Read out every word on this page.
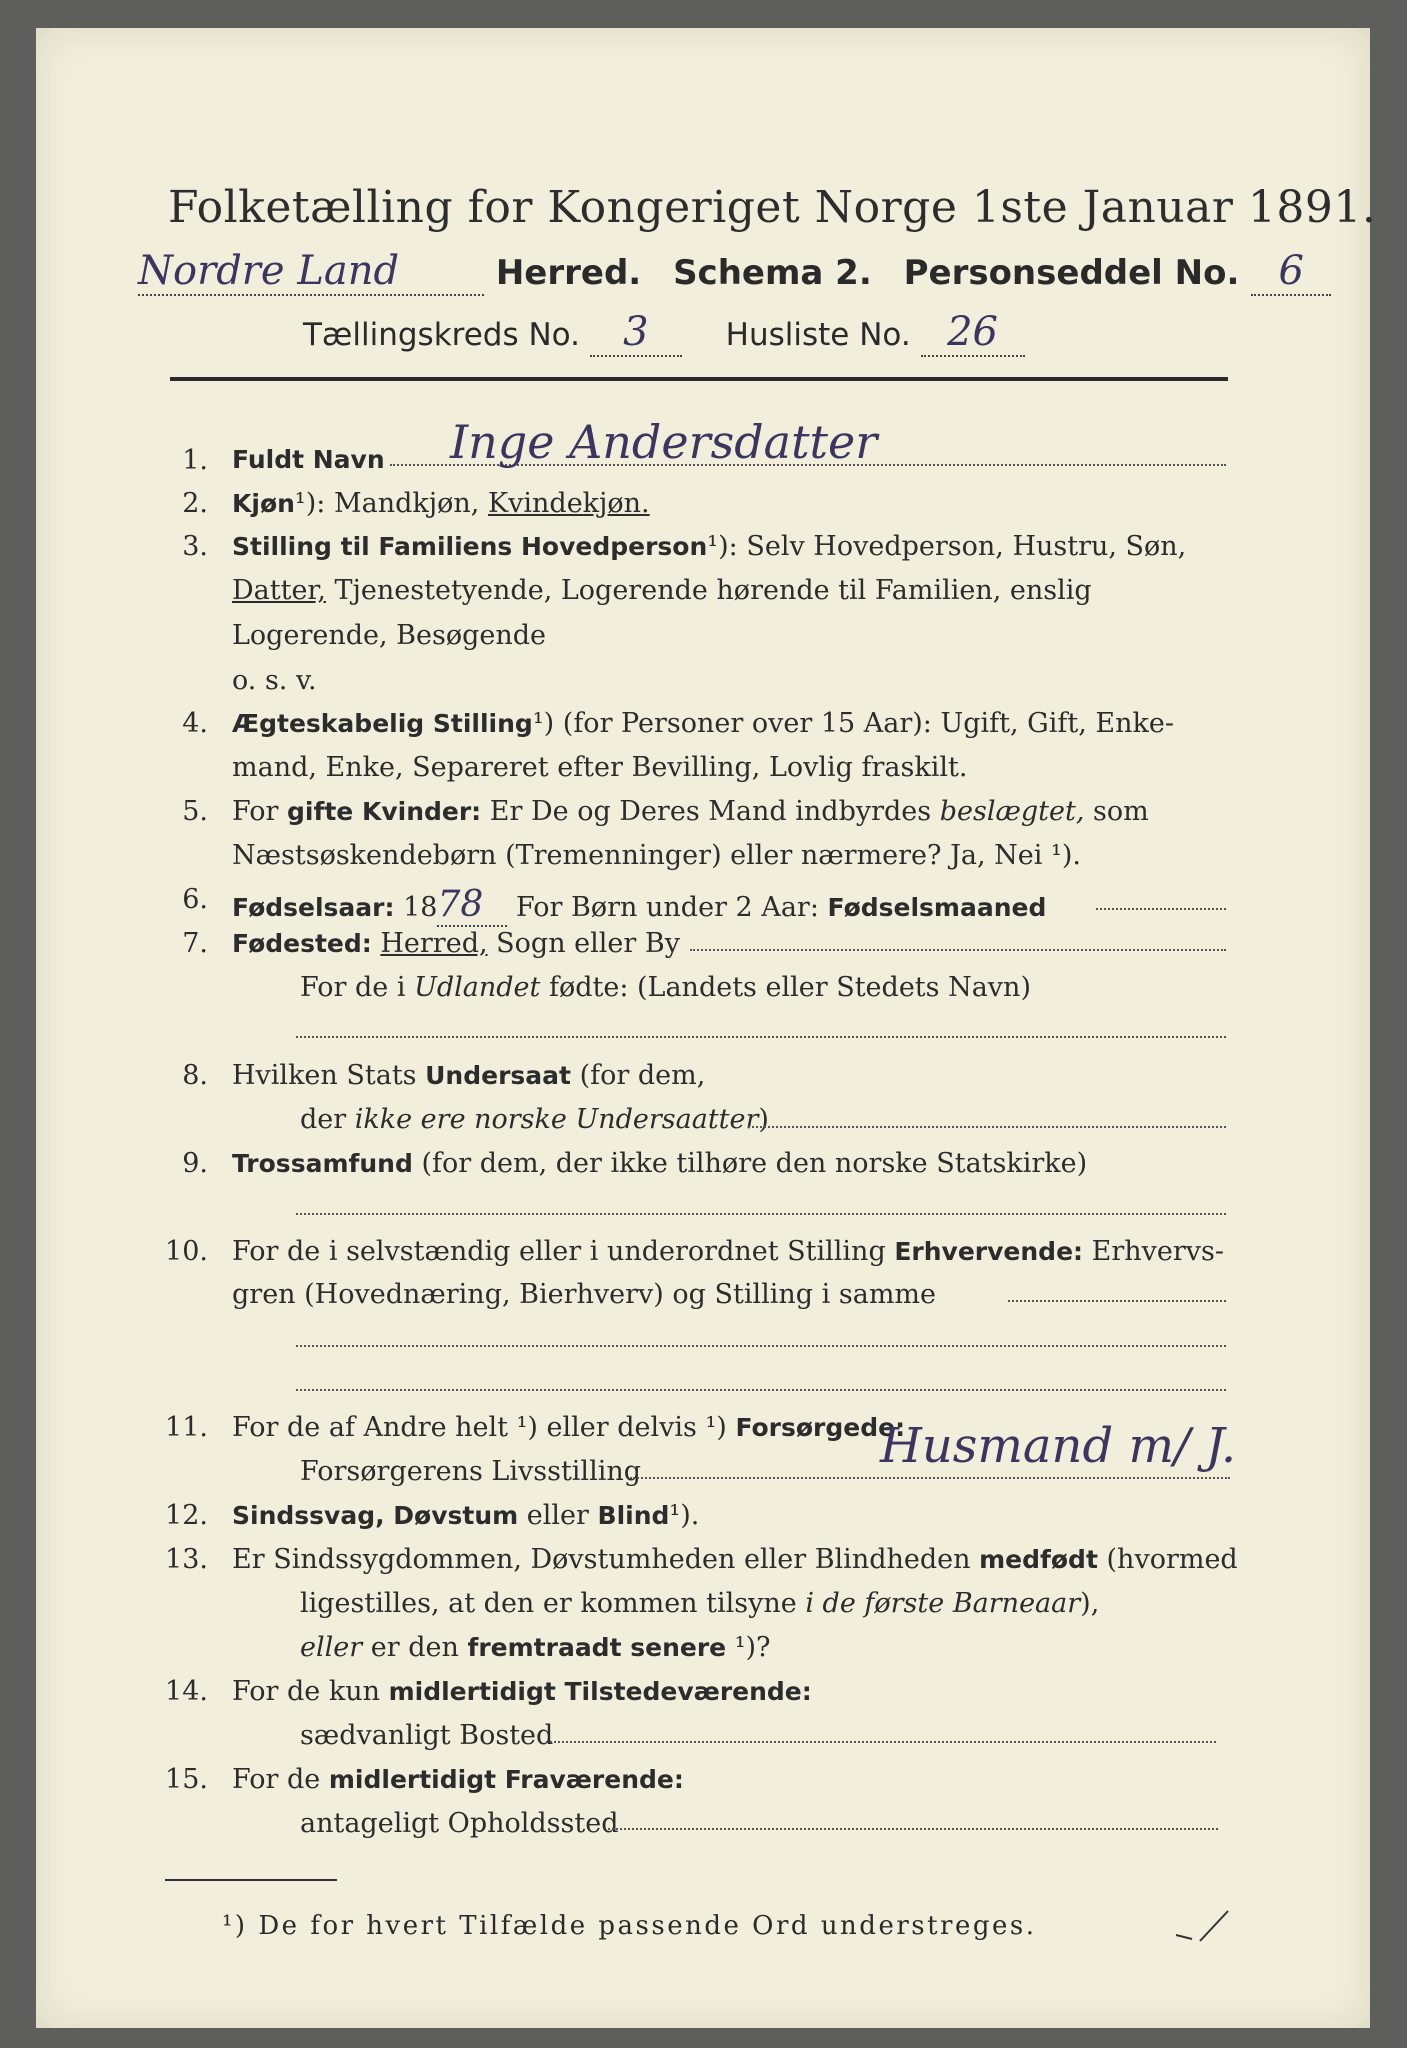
Folketælling for Kongeriget Norge 1ste Januar 1891.
Nordre Land	Herred. Schema 2. Personseddel No. 6
Tællingskreds No. 3 Husliste No. 26
1. Fuldt Navn	Inge Andersdatter
2. Kjøn¹): Mandkjøn, Kvindekjøn.
3. Stilling til Familiens Hovedperson¹): Selv Hovedperson, Hustru, Søn,
Datter, Tjenestetyende, Logerende hørende til Familien, enslig
Logerende, Besøgende
o. s. v.
4. Ægteskabelig Stilling¹) (for Personer over 15 Aar): Ugift, Gift, Enke-
mand, Enke, Separeret efter Bevilling, Lovlig fraskilt.
5. For gifte Kvinder: Er De og Deres Mand indbyrdes beslægtet, som
Næstsøskendebørn (Tremenninger) eller nærmere? Ja, Nei ¹).
6. Fødselsaar: 1878 For Børn under 2 Aar: Fødselsmaaned
7. Fødested: Herred, Sogn eller By
For de i Udlandet fødte: (Landets eller Stedets Navn)
8. Hvilken Stats Undersaat (for dem,
der ikke ere norske Undersaatter)
9. Trossamfund (for dem, der ikke tilhøre den norske Statskirke)
10. For de i selvstændig eller i underordnet Stilling Erhvervende: Erhvervs-
gren (Hovednæring, Bierhverv) og Stilling i samme
11. For de af Andre helt ¹) eller delvis ¹) Forsørgede:
Forsørgerens Livsstilling	Husmand m/ J.
12. Sindssvag, Døvstum eller Blind¹).
13. Er Sindssygdommen, Døvstumheden eller Blindheden medfødt (hvormed
ligestilles, at den er kommen tilsyne i de første Barneaar),
eller er den fremtraadt senere ¹)?
14. For de kun midlertidigt Tilstedeværende:
sædvanligt Bosted
15. For de midlertidigt Fraværende:
antageligt Opholdssted
¹) De for hvert Tilfælde passende Ord understreges.
